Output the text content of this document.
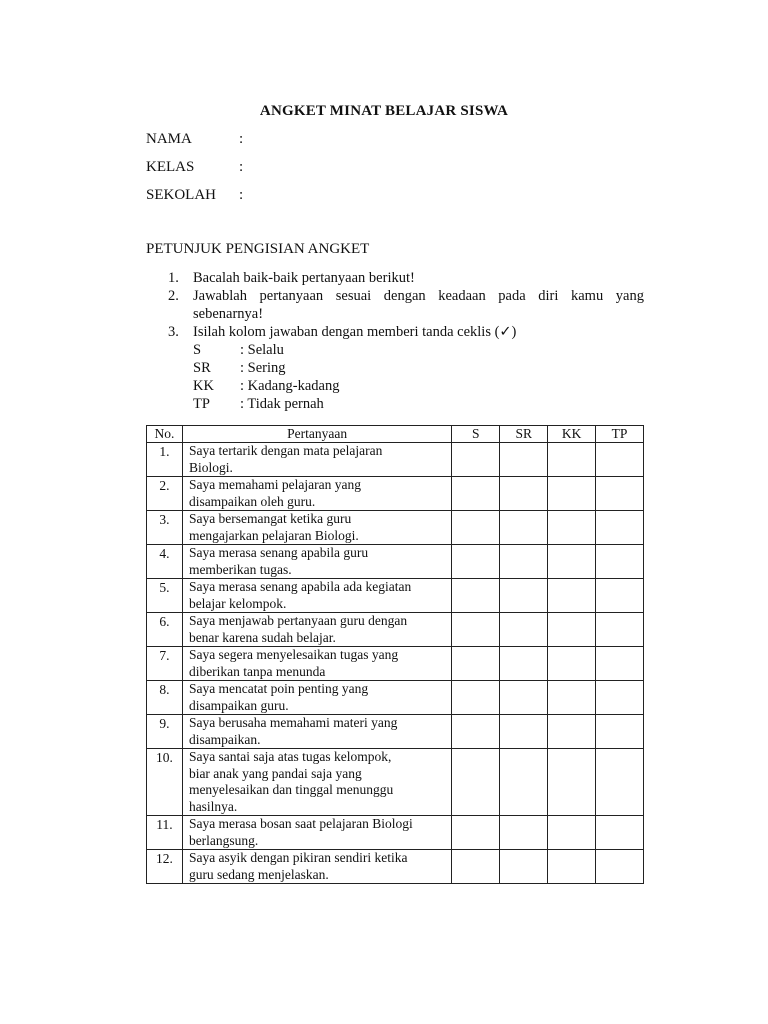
ANGKET MINAT BELAJAR SISWA
NAMA	:
KELAS	:
SEKOLAH :
PETUNJUK PENGISIAN ANGKET
1. Bacalah baik-baik pertanyaan berikut!
2. Jawablah pertanyaan sesuai dengan keadaan pada diri kamu yang sebenarnya!
3. Isilah kolom jawaban dengan memberi tanda ceklis (✓)
S	: Selalu
SR	: Sering
KK	: Kadang-kadang
TP	: Tidak pernah
No.	Pertanyaan	S	SR	KK	TP
1.	Saya tertarik dengan mata pelajaran
Biologi.				

2.	Saya memahami pelajaran yang
disampaikan oleh guru.				

3.	Saya bersemangat ketika guru
mengajarkan pelajaran Biologi.				

4.	Saya merasa senang apabila guru
memberikan tugas.				

5.	Saya merasa senang apabila ada kegiatan
belajar kelompok.				

6.	Saya menjawab pertanyaan guru dengan
benar karena sudah belajar.				

7.	Saya segera menyelesaikan tugas yang
diberikan tanpa menunda				

8.	Saya mencatat poin penting yang
disampaikan guru.				

9.	Saya berusaha memahami materi yang
disampaikan.				

10.	Saya santai saja atas tugas kelompok,
biar anak yang pandai saja yang
menyelesaikan dan tinggal menunggu
hasilnya.				

11.	Saya merasa bosan saat pelajaran Biologi
berlangsung.				

12.	Saya asyik dengan pikiran sendiri ketika
guru sedang menjelaskan.				
